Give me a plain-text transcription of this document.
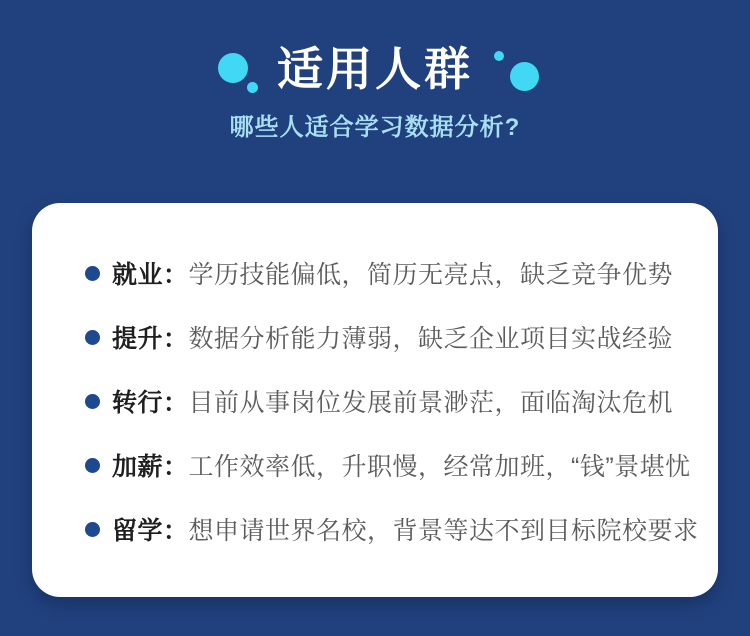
适用人群
哪些人适合学习数据分析?
就业： 学历技能偏低，简历无亮点，缺乏竞争优势
提升： 数据分析能力薄弱，缺乏企业项目实战经验
转行： 目前从事岗位发展前景渺茫，面临淘汰危机
加薪： 工作效率低，升职慢，经常加班，“钱”景堪忧
留学： 想申请世界名校，背景等达不到目标院校要求
